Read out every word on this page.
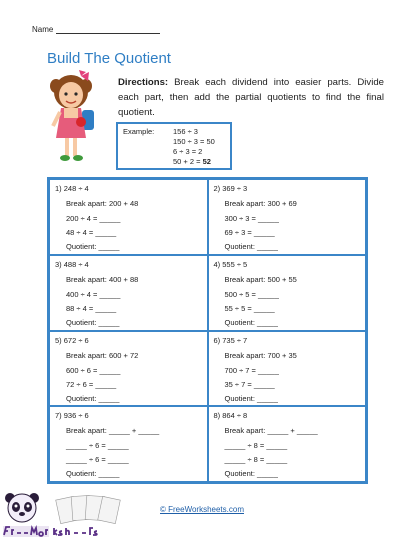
Name
Build The Quotient
Directions: Break each dividend into easier parts. Divide each part, then add the partial quotients to find the final quotient.
Example: 156 ÷ 3
150 ÷ 3 = 50
6 ÷ 3 = 2
50 + 2 = 52
1) 248 ÷ 4
Break apart: 200 + 48
200 ÷ 4 = _____
48 ÷ 4 = _____
Quotient: _____
2) 369 ÷ 3
Break apart: 300 + 69
300 ÷ 3 = _____
69 ÷ 3 = _____
Quotient: _____
3) 488 ÷ 4
Break apart: 400 + 88
400 ÷ 4 = _____
88 ÷ 4 = _____
Quotient: _____
4) 555 ÷ 5
Break apart: 500 + 55
500 ÷ 5 = _____
55 ÷ 5 = _____
Quotient: _____
5) 672 ÷ 6
Break apart: 600 + 72
600 ÷ 6 = _____
72 ÷ 6 = _____
Quotient: _____
6) 735 ÷ 7
Break apart: 700 + 35
700 ÷ 7 = _____
35 ÷ 7 = _____
Quotient: _____
7) 936 ÷ 6
Break apart: _____ + _____
_____ ÷ 6 = _____
_____ ÷ 6 = _____
Quotient: _____
8) 864 ÷ 8
Break apart: _____ + _____
_____ ÷ 8 = _____
_____ ÷ 8 = _____
Quotient: _____
© FreeWorksheets.com
